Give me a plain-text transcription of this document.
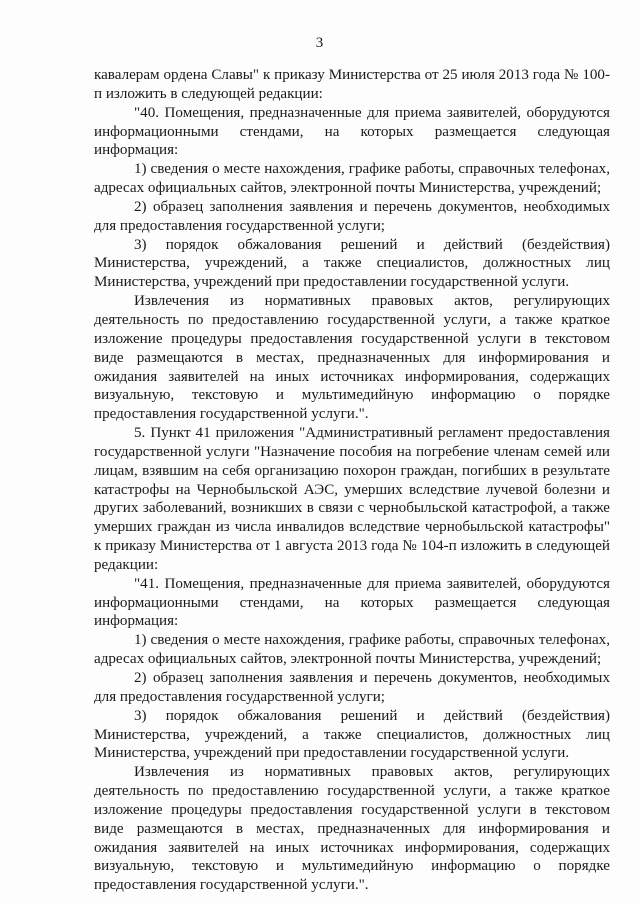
3

кавалерам ордена Славы" к приказу Министерства от 25 июля 2013 года № 100-п изложить в следующей редакции:

"40. Помещения, предназначенные для приема заявителей, оборудуются информационными стендами, на которых размещается следующая информация:

1) сведения о месте нахождения, графике работы, справочных телефонах, адресах официальных сайтов, электронной почты Министерства, учреждений;

2) образец заполнения заявления и перечень документов, необходимых для предоставления государственной услуги;

3) порядок обжалования решений и действий (бездействия) Министерства, учреждений, а также специалистов, должностных лиц Министерства, учреждений при предоставлении государственной услуги.

Извлечения из нормативных правовых актов, регулирующих деятельность по предоставлению государственной услуги, а также краткое изложение процедуры предоставления государственной услуги в текстовом виде размещаются в местах, предназначенных для информирования и ожидания заявителей на иных источниках информирования, содержащих визуальную, текстовую и мультимедийную информацию о порядке предоставления государственной услуги.".

5. Пункт 41 приложения "Административный регламент предоставления государственной услуги "Назначение пособия на погребение членам семей или лицам, взявшим на себя организацию похорон граждан, погибших в результате катастрофы на Чернобыльской АЭС, умерших вследствие лучевой болезни и других заболеваний, возникших в связи с чернобыльской катастрофой, а также умерших граждан из числа инвалидов вследствие чернобыльской катастрофы" к приказу Министерства от 1 августа 2013 года № 104-п изложить в следующей редакции:

"41. Помещения, предназначенные для приема заявителей, оборудуются информационными стендами, на которых размещается следующая информация:

1) сведения о месте нахождения, графике работы, справочных телефонах, адресах официальных сайтов, электронной почты Министерства, учреждений;

2) образец заполнения заявления и перечень документов, необходимых для предоставления государственной услуги;

3) порядок обжалования решений и действий (бездействия) Министерства, учреждений, а также специалистов, должностных лиц Министерства, учреждений при предоставлении государственной услуги.

Извлечения из нормативных правовых актов, регулирующих деятельность по предоставлению государственной услуги, а также краткое изложение процедуры предоставления государственной услуги в текстовом виде размещаются в местах, предназначенных для информирования и ожидания заявителей на иных источниках информирования, содержащих визуальную, текстовую и мультимедийную информацию о порядке предоставления государственной услуги.".
